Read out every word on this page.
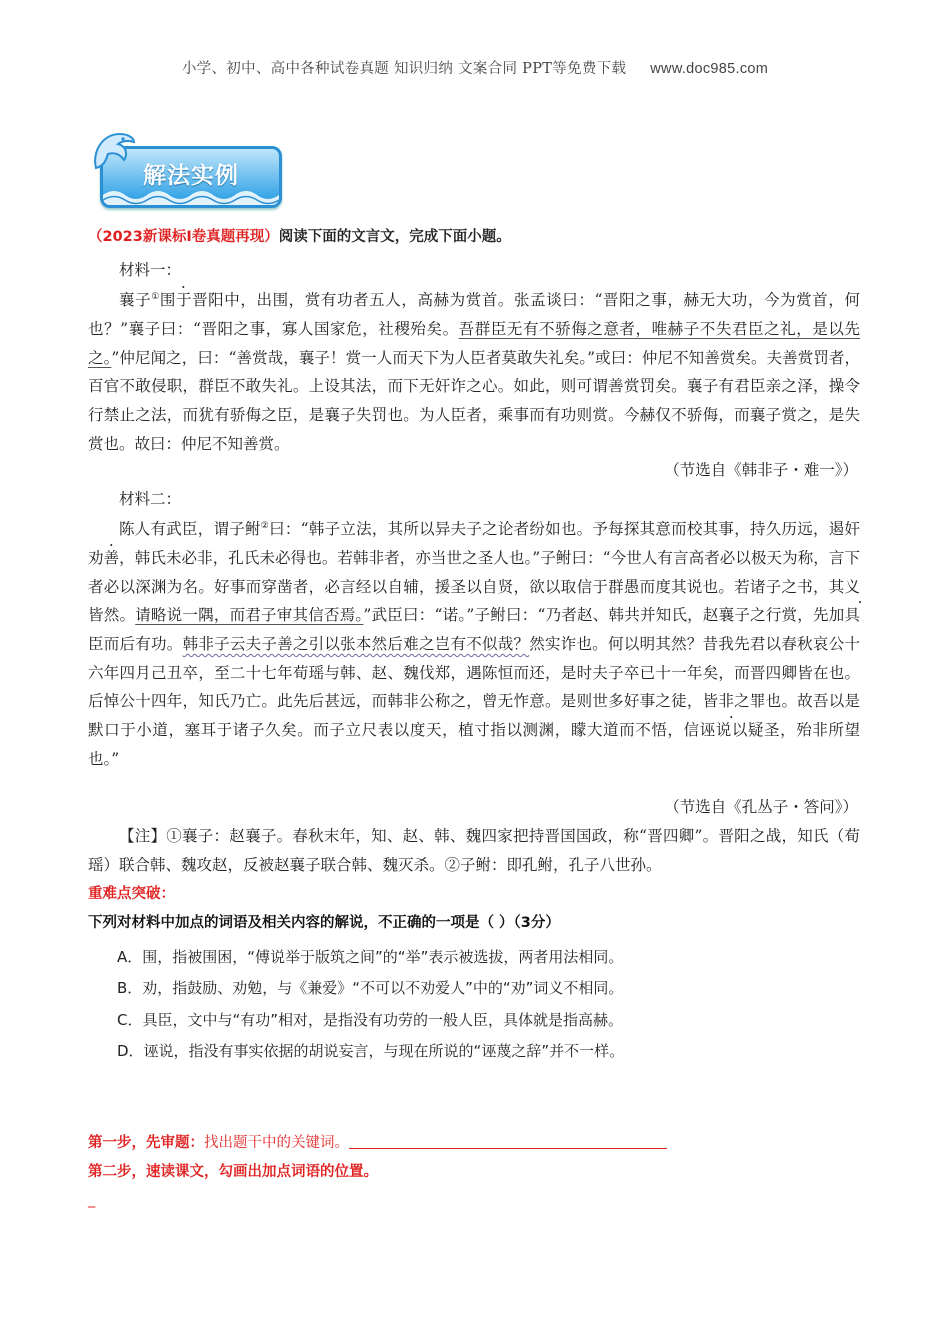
小学、初中、高中各种试卷真题 知识归纳 文案合同 PPT等免费下载 www.doc985.com
解法实例
（2023新课标I卷真题再现）阅读下面的文言文，完成下面小题。
材料一：
襄子①围于晋阳中，出围，赏有功者五人，高赫为赏首。张孟谈曰：“晋阳之事，赫无大功，今为赏首，何也？”襄子曰：“晋阳之事，寡人国家危，社稷殆矣。吾群臣无有不骄侮之意者，唯赫子不失君臣之礼，是以先之。”仲尼闻之，曰：“善赏哉，襄子！赏一人而天下为人臣者莫敢失礼矣。”或曰：仲尼不知善赏矣。夫善赏罚者，百官不敢侵职，群臣不敢失礼。上设其法，而下无奸诈之心。如此，则可谓善赏罚矣。襄子有君臣亲之泽，操令行禁止之法，而犹有骄侮之臣，是襄子失罚也。为人臣者，乘事而有功则赏。今赫仅不骄侮，而襄子赏之，是失赏也。故曰：仲尼不知善赏。
（节选自《韩非子・难一》）
材料二：
陈人有武臣，谓子鲋②曰：“韩子立法，其所以异夫子之论者纷如也。予每探其意而校其事，持久历远，遏奸劝善，韩氏未必非，孔氏未必得也。若韩非者，亦当世之圣人也。”子鲋曰：“今世人有言高者必以极天为称，言下者必以深渊为名。好事而穿凿者，必言经以自辅，援圣以自贤，欲以取信于群愚而度其说也。若诸子之书，其义皆然。请略说一隅，而君子审其信否焉。”武臣曰：“诺。”子鲋曰：“乃者赵、韩共并知氏，赵襄子之行赏，先加具臣而后有功。韩非子云夫子善之引以张本然后难之岂有不似哉？然实诈也。何以明其然？昔我先君以春秋哀公十六年四月己丑卒，至二十七年荀瑶与韩、赵、魏伐郑，遇陈恒而还，是时夫子卒已十一年矣，而晋四卿皆在也。后悼公十四年，知氏乃亡。此先后甚远，而韩非公称之，曾无怍意。是则世多好事之徒，皆非之罪也。故吾以是默口于小道，塞耳于诸子久矣。而子立尺表以度天，植寸指以测渊，矇大道而不悟，信诬说以疑圣，殆非所望也。”
（节选自《孔丛子・答问》）
【注】①襄子：赵襄子。春秋末年，知、赵、韩、魏四家把持晋国国政，称“晋四卿”。晋阳之战，知氏（荀瑶）联合韩、魏攻赵，反被赵襄子联合韩、魏灭杀。②子鲋：即孔鲋，孔子八世孙。
重难点突破：
下列对材料中加点的词语及相关内容的解说，不正确的一项是（ ）（3分）
A．围，指被围困，“傅说举于版筑之间”的“举”表示被选拔，两者用法相同。
B．劝，指鼓励、劝勉，与《兼爱》“不可以不劝爱人”中的“劝”词义不相同。
C．具臣，文中与“有功”相对，是指没有功劳的一般人臣，具体就是指高赫。
D．诬说，指没有事实依据的胡说妄言，与现在所说的“诬蔑之辞”并不一样。
第一步，先审题：找出题干中的关键词。
第二步，速读课文，勾画出加点词语的位置。
_
